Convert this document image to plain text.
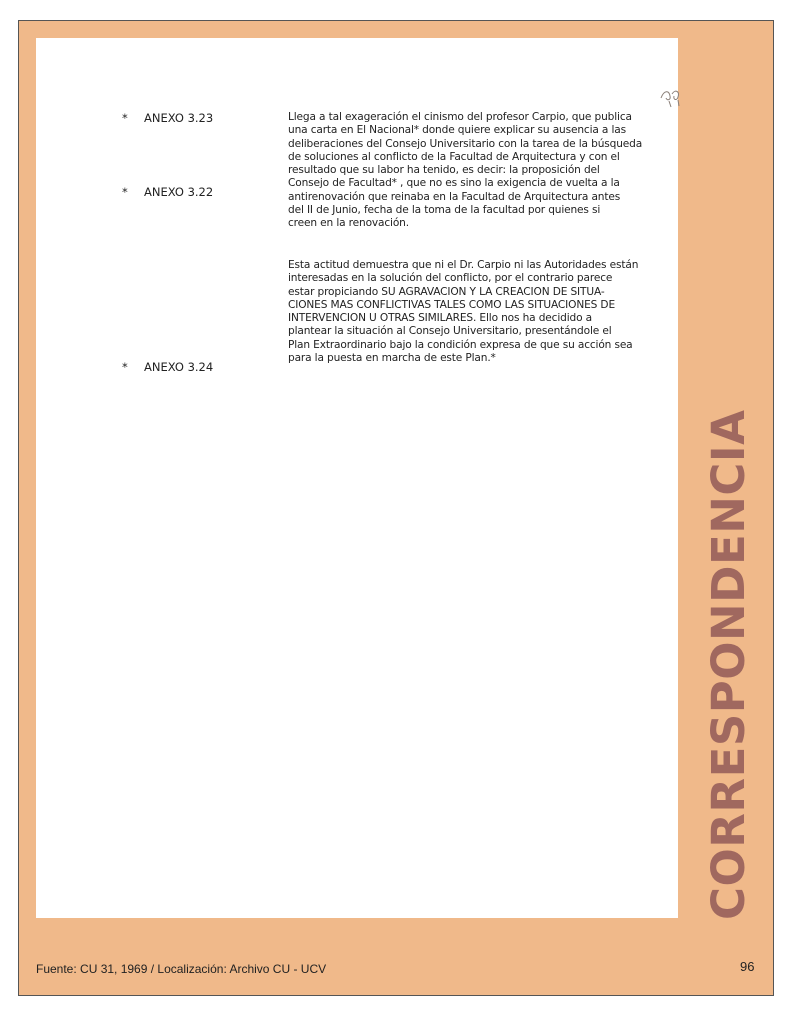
* ANEXO 3.23
* ANEXO 3.22
* ANEXO 3.24
Llega a tal exageración el cinismo del profesor Carpio, que publica
una carta en El Nacional* donde quiere explicar su ausencia a las
deliberaciones del Consejo Universitario con la tarea de la búsqueda
de soluciones al conflicto de la Facultad de Arquitectura y con el
resultado que su labor ha tenido, es decir: la proposición del
Consejo de Facultad* , que no es sino la exigencia de vuelta a la
antirenovación que reinaba en la Facultad de Arquitectura antes
del II de Junio, fecha de la toma de la facultad por quienes si
creen en la renovación.
Esta actitud demuestra que ni el Dr. Carpio ni las Autoridades están
interesadas en la solución del conflicto, por el contrario parece
estar propiciando SU AGRAVACION Y LA CREACION DE SITUA-
CIONES MAS CONFLICTIVAS TALES COMO LAS SITUACIONES DE
INTERVENCION U OTRAS SIMILARES. Ello nos ha decidido a
plantear la situación al Consejo Universitario, presentándole el
Plan Extraordinario bajo la condición expresa de que su acción sea
para la puesta en marcha de este Plan.*
CORRESPONDENCIA
Fuente: CU 31, 1969 / Localización: Archivo CU - UCV	96
